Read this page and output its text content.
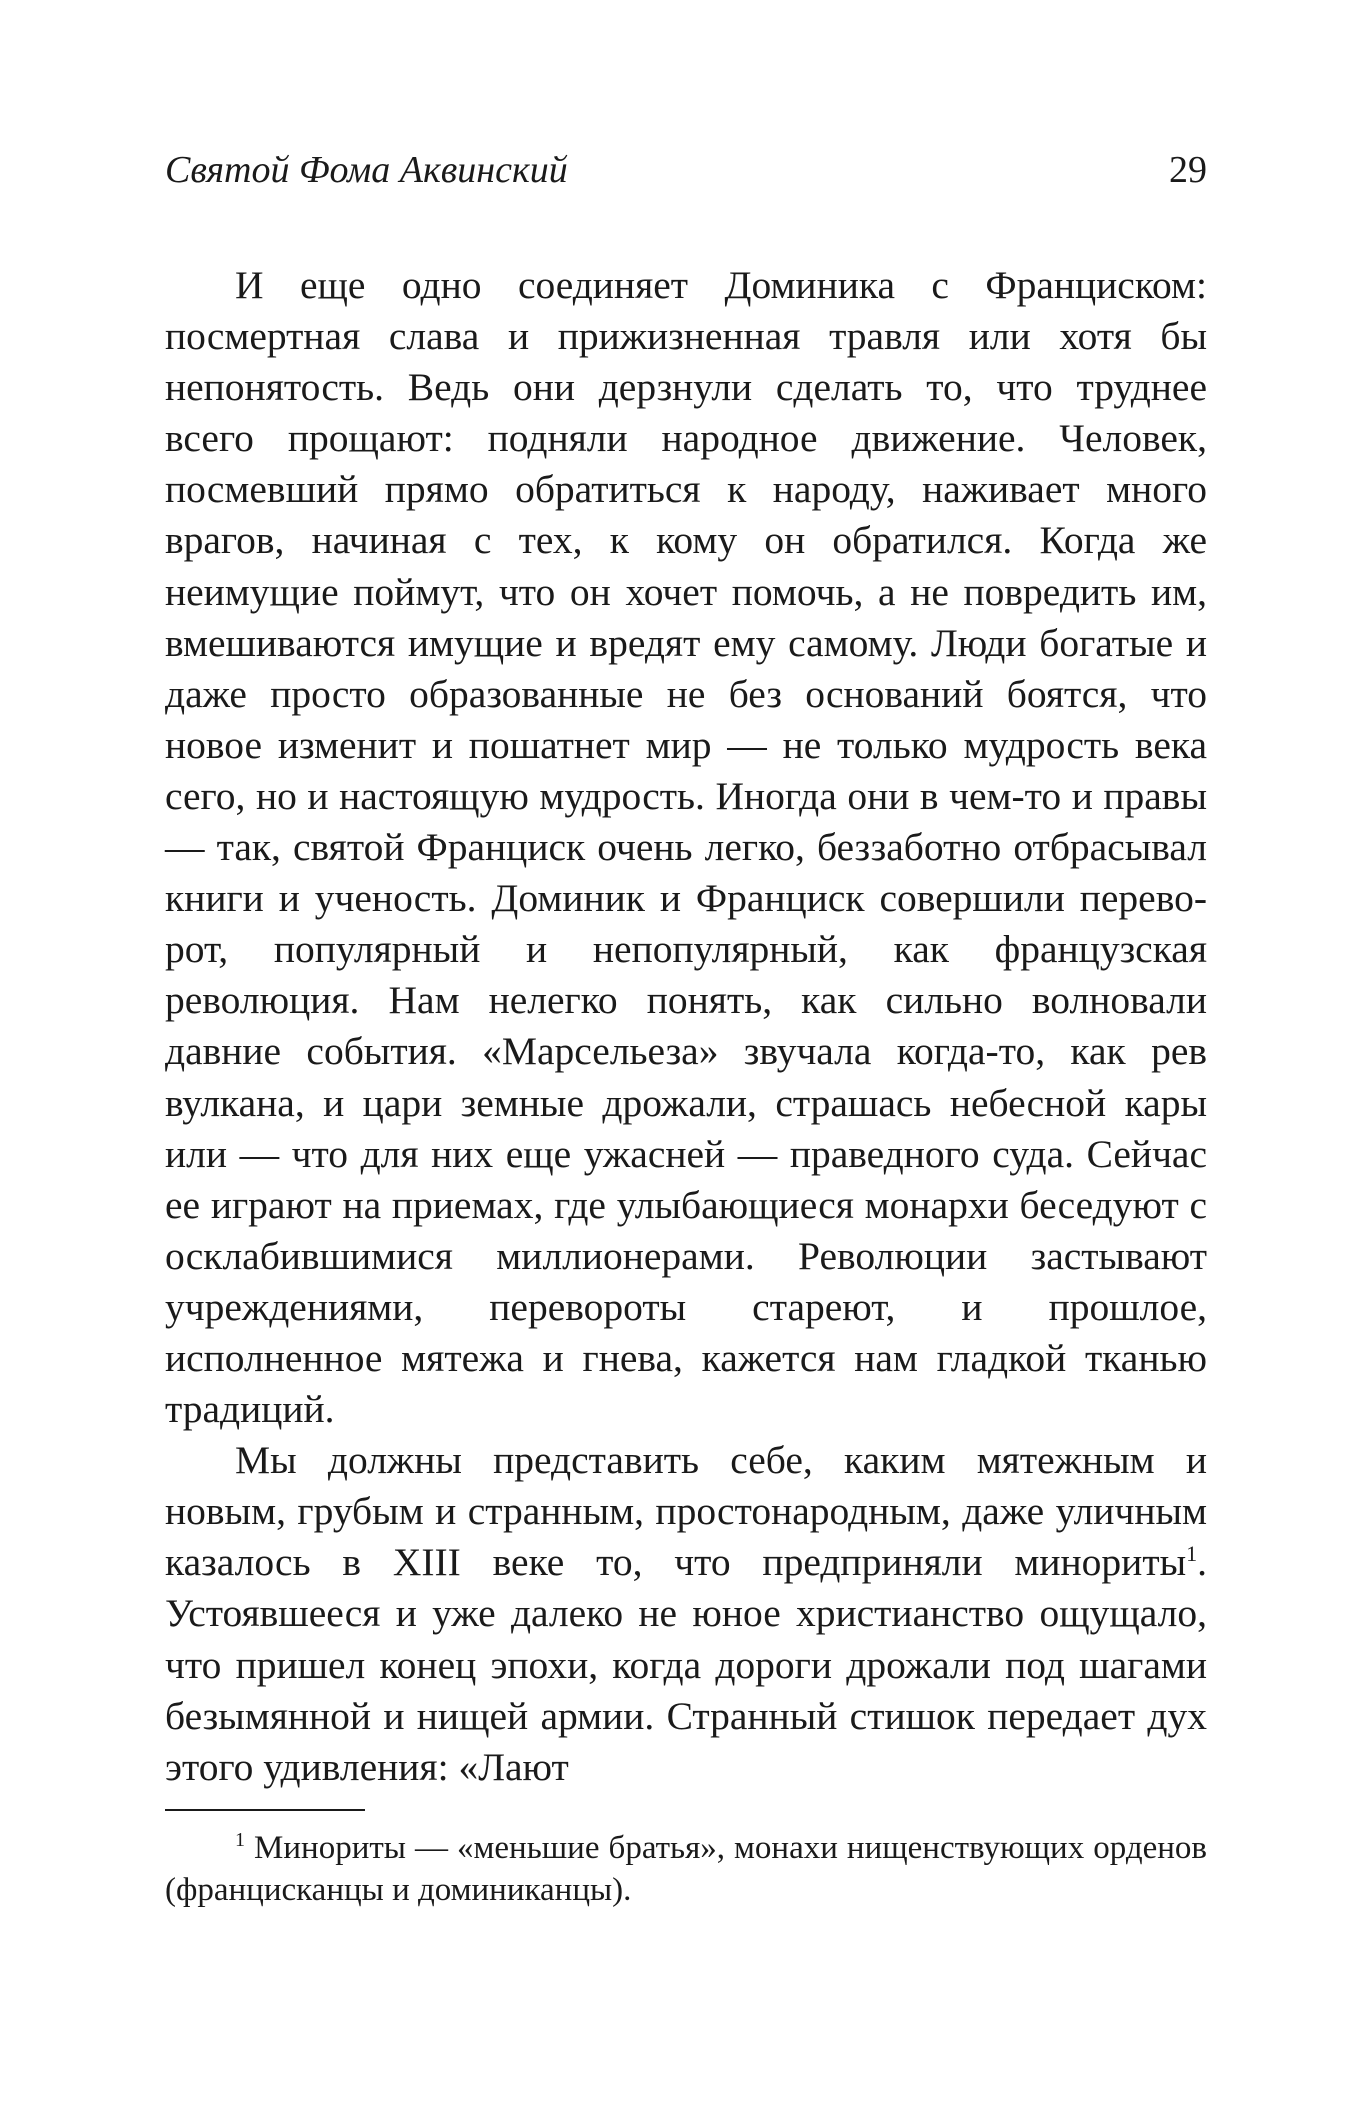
Святой Фома Аквинский	29

И еще одно соединяет Доминика с Франциском: посмертная слава и прижизненная травля или хотя бы непонятость. Ведь они дерзнули сделать то, что труднее всего прощают: подняли народное движение. Человек, посмевший прямо обратиться к народу, наживает много врагов, начиная с тех, к кому он обратился. Когда же неимущие поймут, что он хочет помочь, а не повредить им, вмешиваются имущие и вредят ему самому. Люди богатые и даже просто образованные не без оснований боятся, что новое изменит и пошатнет мир — не только мудрость века сего, но и настоящую мудрость. Иногда они в чем-то и правы — так, святой Франциск очень легко, беззаботно отбрасывал книги и ученость. Доминик и Франциск совершили переворот, популярный и непопулярный, как французская революция. Нам нелегко понять, как сильно волновали давние события. «Марсельеза» звучала когда-то, как рев вулкана, и цари земные дрожали, страшась небесной кары или — что для них еще ужасней — праведного суда. Сейчас ее играют на приемах, где улыбающиеся монархи беседуют с осклабившимися миллионерами. Революции застывают учреждениями, перевороты стареют, и прошлое, исполненное мятежа и гнева, кажется нам гладкой тканью традиций.

Мы должны представить себе, каким мятежным и новым, грубым и странным, простонародным, даже уличным казалось в XIII веке то, что предприняли минориты$^1$. Устоявшееся и уже далеко не юное христианство ощущало, что пришел конец эпохи, когда дороги дрожали под шагами безымянной и нищей армии. Странный стишок передает дух этого удивления: «Лают

$^1$ Минориты — «меньшие братья», монахи нищенствующих орденов (францисканцы и доминиканцы).
